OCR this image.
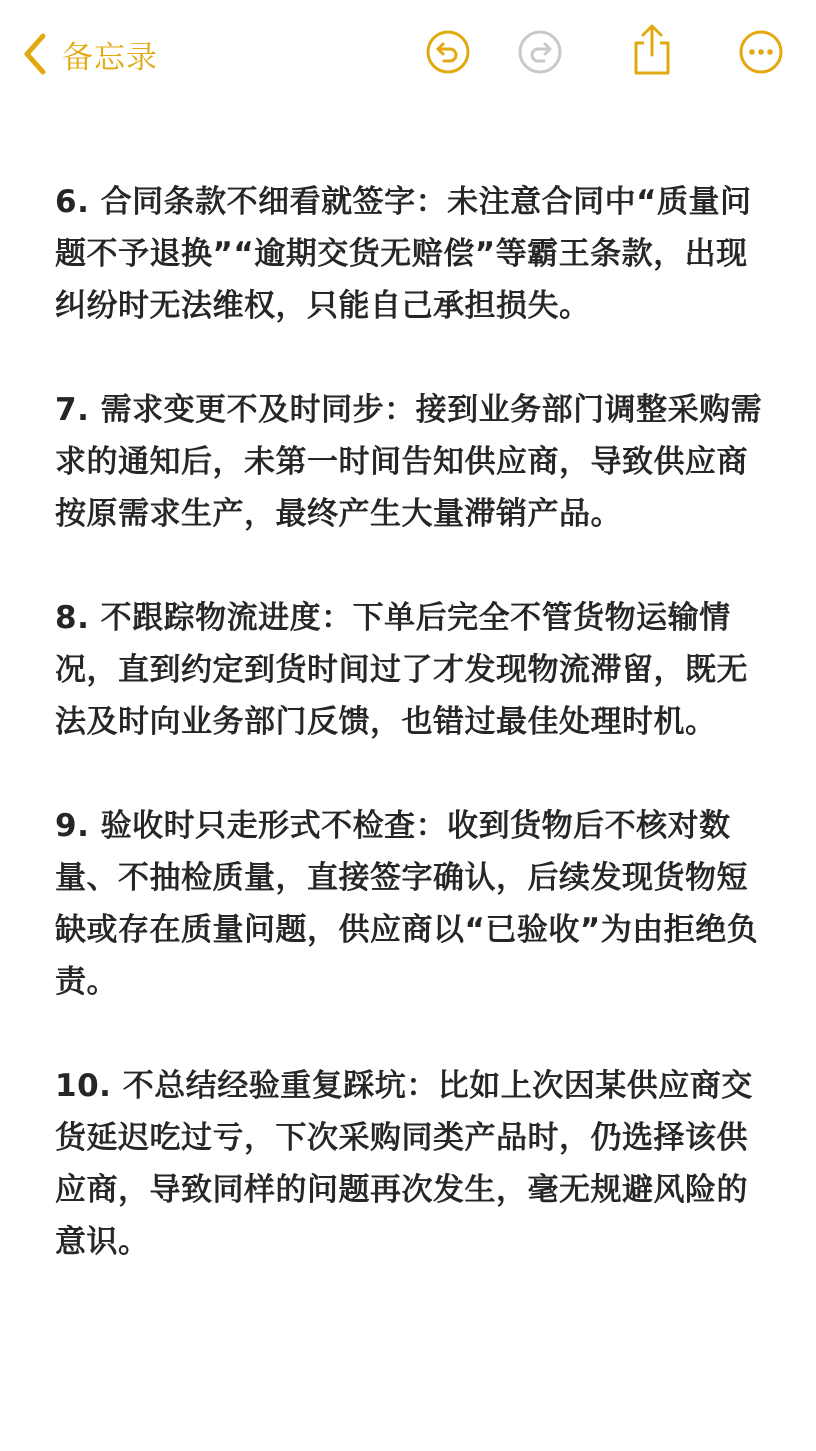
备忘录

6. 合同条款不细看就签字：未注意合同中“质量问题不予退换”“逾期交货无赔偿”等霸王条款，出现纠纷时无法维权，只能自己承担损失。

7. 需求变更不及时同步：接到业务部门调整采购需求的通知后，未第一时间告知供应商，导致供应商按原需求生产，最终产生大量滞销产品。

8. 不跟踪物流进度：下单后完全不管货物运输情况，直到约定到货时间过了才发现物流滞留，既无法及时向业务部门反馈，也错过最佳处理时机。

9. 验收时只走形式不检查：收到货物后不核对数量、不抽检质量，直接签字确认，后续发现货物短缺或存在质量问题，供应商以“已验收”为由拒绝负责。

10. 不总结经验重复踩坑：比如上次因某供应商交货延迟吃过亏，下次采购同类产品时，仍选择该供应商，导致同样的问题再次发生，毫无规避风险的意识。
